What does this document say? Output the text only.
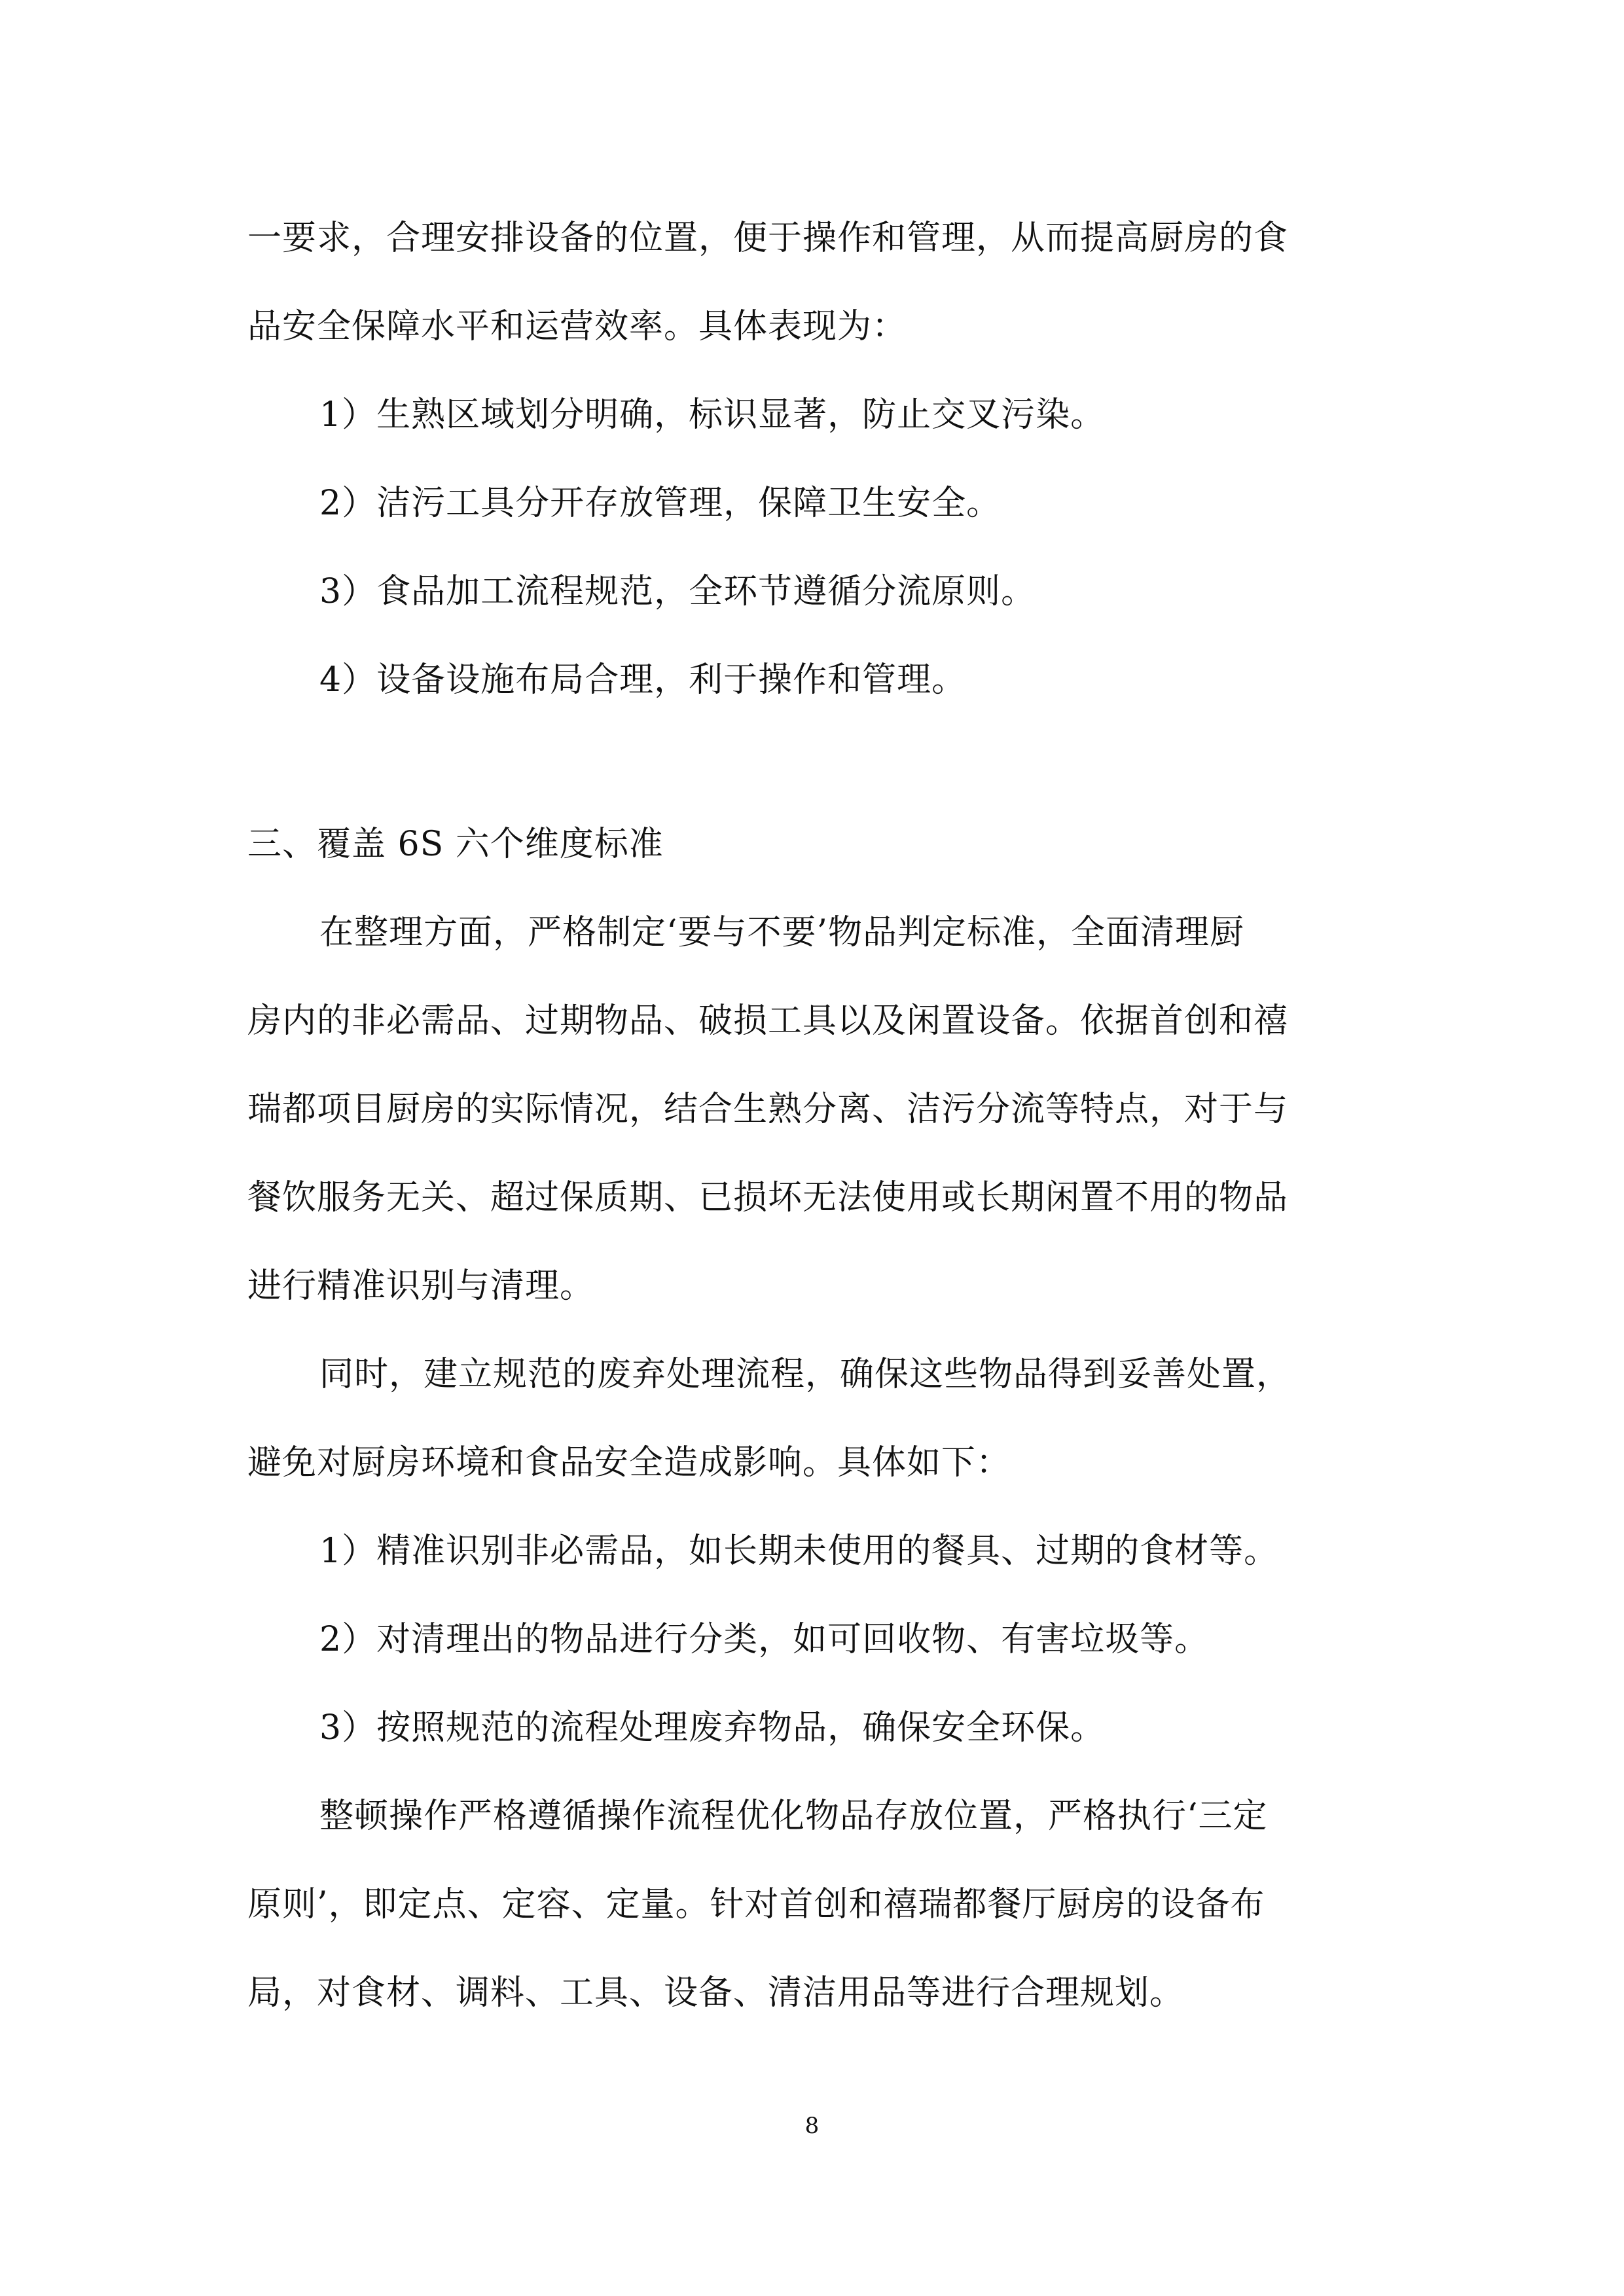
一要求，合理安排设备的位置，便于操作和管理，从而提高厨房的食
品安全保障水平和运营效率。具体表现为：
1）生熟区域划分明确，标识显著，防止交叉污染。
2）洁污工具分开存放管理，保障卫生安全。
3）食品加工流程规范，全环节遵循分流原则。
4）设备设施布局合理，利于操作和管理。
三、覆盖 6S 六个维度标准
在整理方面，严格制定‘要与不要’物品判定标准，全面清理厨
房内的非必需品、过期物品、破损工具以及闲置设备。依据首创和禧
瑞都项目厨房的实际情况，结合生熟分离、洁污分流等特点，对于与
餐饮服务无关、超过保质期、已损坏无法使用或长期闲置不用的物品
进行精准识别与清理。
同时，建立规范的废弃处理流程，确保这些物品得到妥善处置，
避免对厨房环境和食品安全造成影响。具体如下：
1）精准识别非必需品，如长期未使用的餐具、过期的食材等。
2）对清理出的物品进行分类，如可回收物、有害垃圾等。
3）按照规范的流程处理废弃物品，确保安全环保。
整顿操作严格遵循操作流程优化物品存放位置，严格执行‘三定
原则’，即定点、定容、定量。针对首创和禧瑞都餐厅厨房的设备布
局，对食材、调料、工具、设备、清洁用品等进行合理规划。
8
